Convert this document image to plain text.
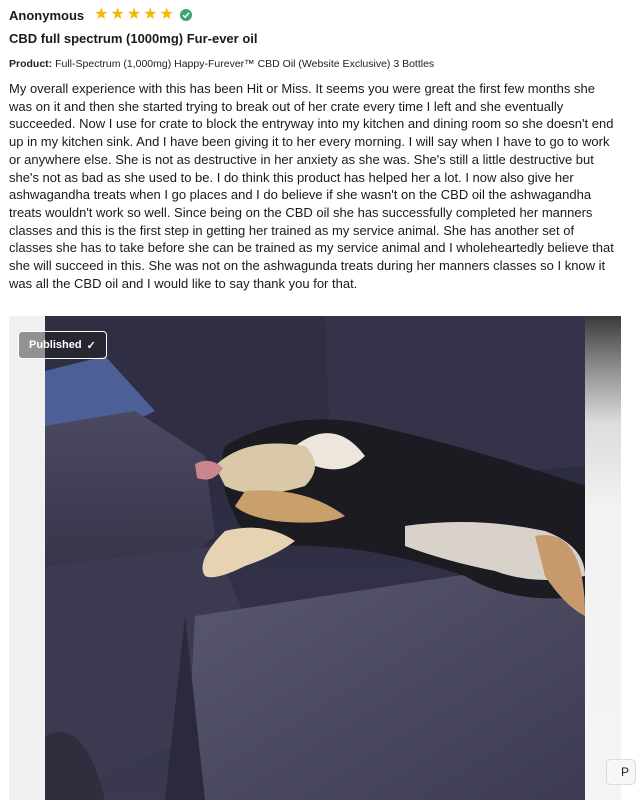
Anonymous ★ ★ ★ ★ ★
CBD full spectrum (1000mg) Fur-ever oil
Product: Full-Spectrum (1,000mg) Happy-Furever™ CBD Oil (Website Exclusive) 3 Bottles

My overall experience with this has been Hit or Miss. It seems you were great the first few months she was on it and then she started trying to break out of her crate every time I left and she eventually succeeded. Now I use for crate to block the entryway into my kitchen and dining room so she doesn't end up in my kitchen sink. And I have been giving it to her every morning. I will say when I have to go to work or anywhere else. She is not as destructive in her anxiety as she was. She's still a little destructive but she's not as bad as she used to be. I do think this product has helped her a lot. I now also give her ashwagandha treats when I go places and I do believe if she wasn't on the CBD oil the ashwagandha treats wouldn't work so well. Since being on the CBD oil she has successfully completed her manners classes and this is the first step in getting her trained as my service animal. She has another set of classes she has to take before she can be trained as my service animal and I wholeheartedly believe that she will succeed in this. She was not on the ashwagunda treats during her manners classes so I know it was all the CBD oil and I would like to say thank you for that.

Published ✓
P
